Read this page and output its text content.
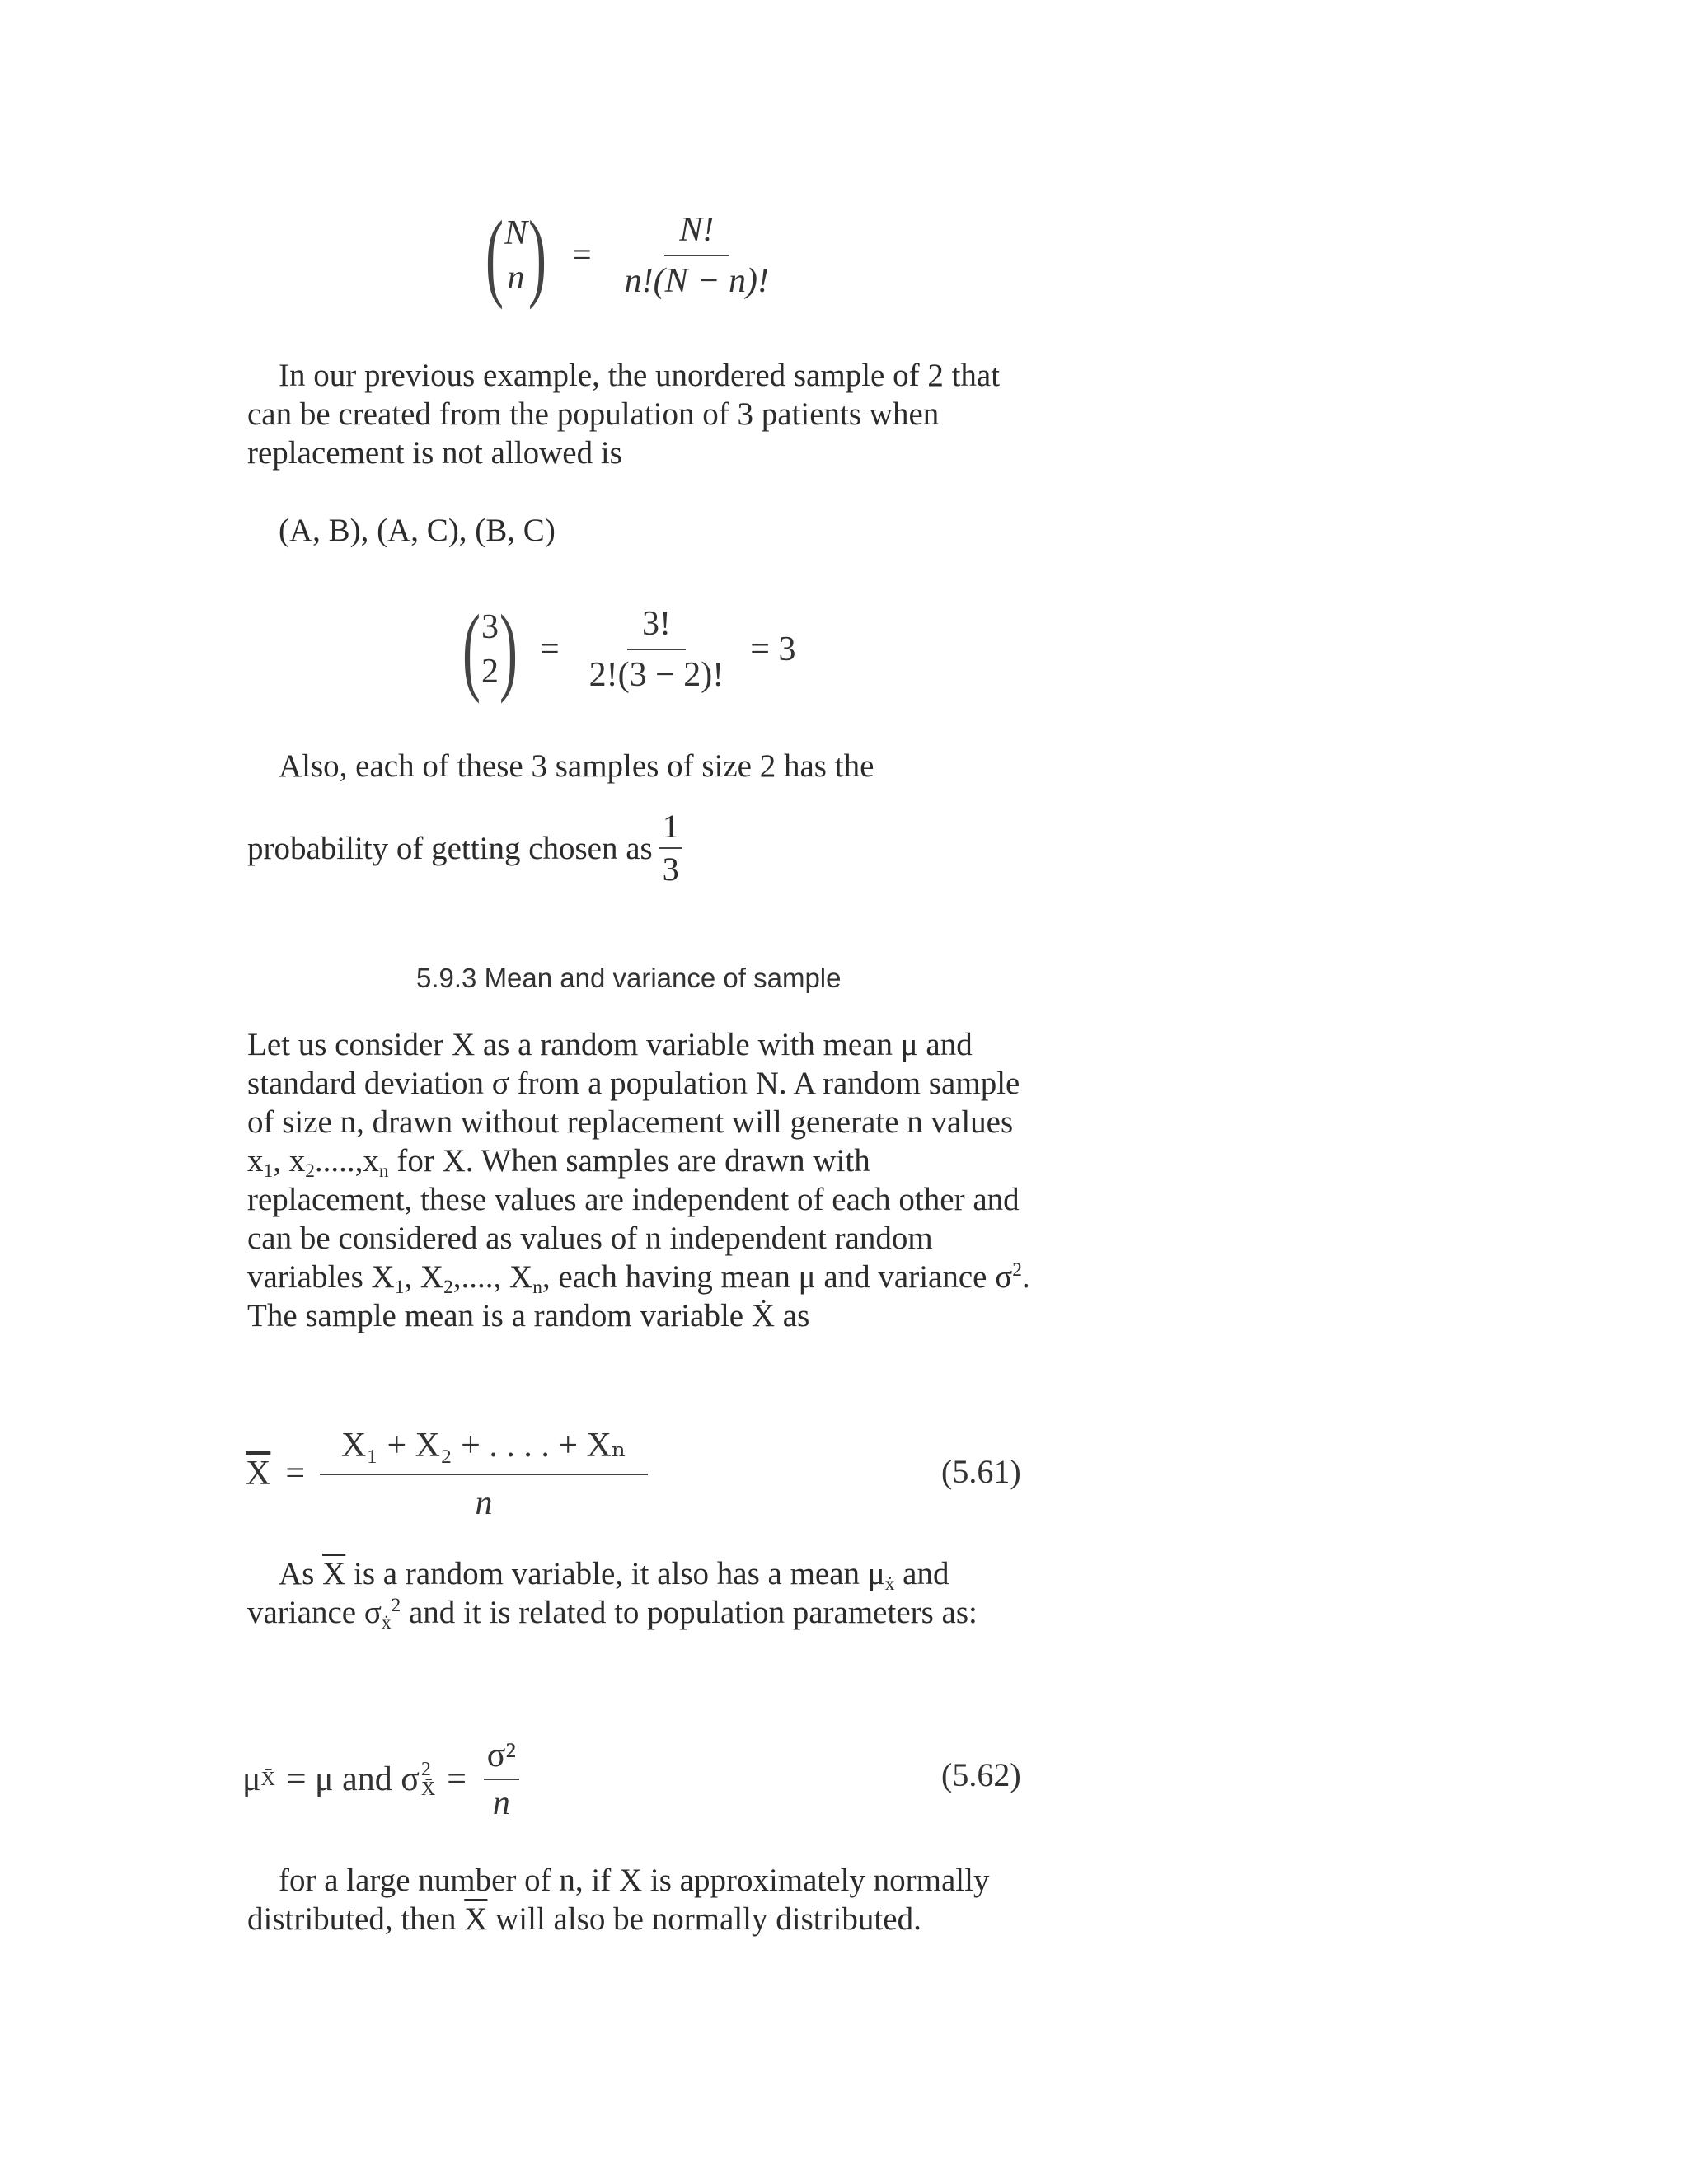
( N
n ) = $\frac{N!}{n!(N - n)!}$

In our previous example, the unordered sample of 2 that can be created from the population of 3 patients when replacement is not allowed is

(A, B), (A, C), (B, C)

( 3
2 ) = $\frac{3!}{2!(3 - 2)!} = 3$

Also, each of these 3 samples of size 2 has the

probability of getting chosen as $\frac{1}{3}$
5.9.3 Mean and variance of sample

Let us consider X as a random variable with mean μ and standard deviation σ from a population N. A random sample of size n, drawn without replacement will generate n values $x_1$, $x_2.....,x_n$ for X. When samples are drawn with replacement, these values are independent of each other and can be considered as values of n independent random variables $X_1$, $X_2$,...., $X_n$, each having mean μ and variance $\sigma^2$. The sample mean is a random variable Ẋ as

$\overline{X} = \frac{\text{X₁ + X₂ + . . . . + Xₙ}}{n}$	(5.61)

As $\overline{X}$ is a random variable, it also has a mean $\mu_ẋ$ and variance $\sigma_ẋ^2$ and it is related to population parameters as:

μ X̄ = μ and σ 2
X̄ = $\frac{\text{σ²}}{n}$	(5.62)

for a large number of n, if X is approximately normally distributed, then $\overline{X}$ will also be normally distributed.
